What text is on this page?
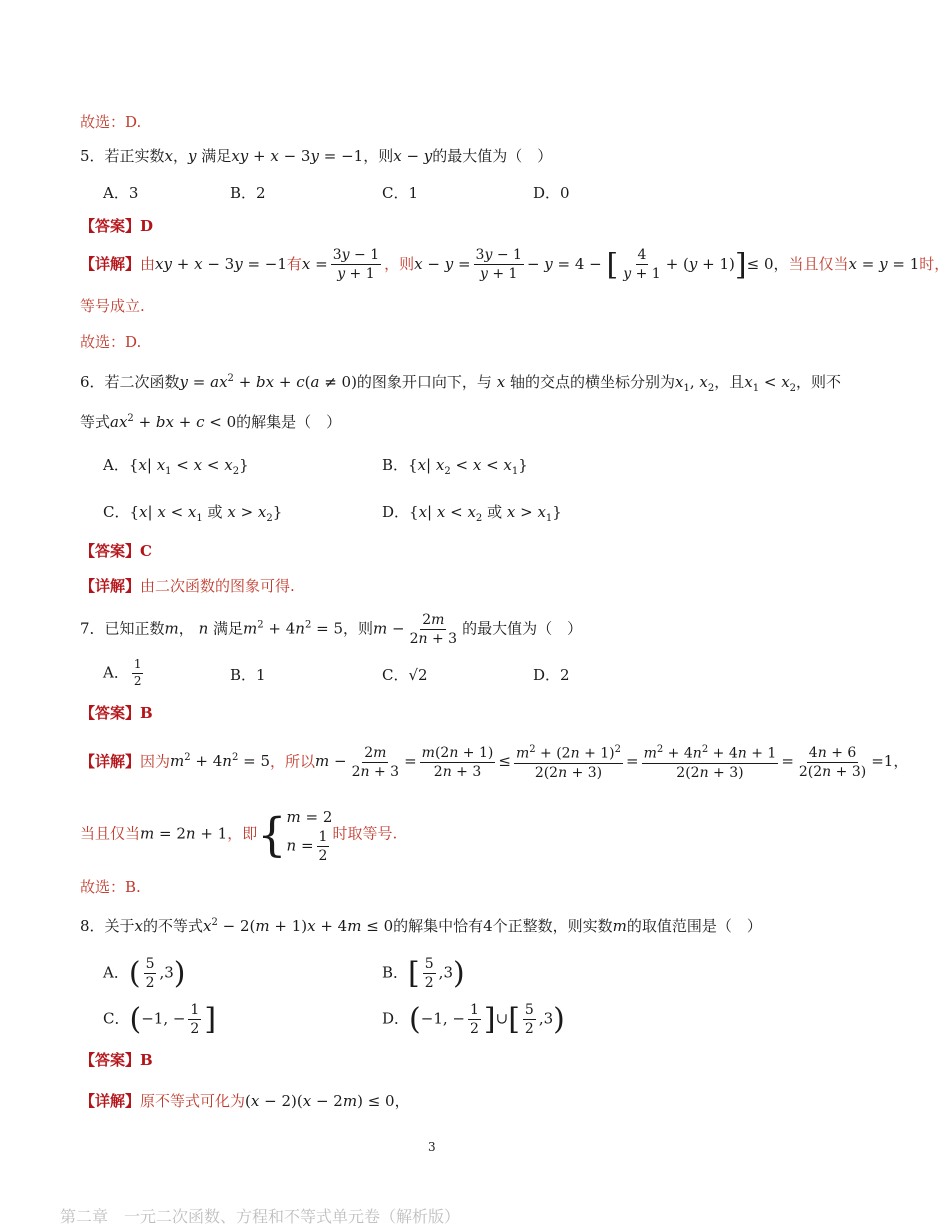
故选：D.
5．若正实数x，y 满足xy + x − 3y = −1，则x − y的最大值为（　）
A．3	B．2	C．1	D．0
【答案】D
【详解】由xy + x − 3y = −1有$x = \frac{3y - 1}{y + 1}$ ，则$x - y = \frac{3y - 1}{y + 1} - y = 4$ − [ $\frac{4}{y + 1} + (y + 1)]\le 0$，当且仅当x = y = 1时，
等号成立.
故选：D.
6．若二次函数$y = ax^2$ + bx + c(a ≠ 0)的图象开口向下，与 x 轴的交点的横坐标分别为$x_1$, $x_2$，且$x_1 < x_2$，则不
等式$ax^2$ + bx + c < 0的解集是（　）
A．{x| $x_1 < x < x_2$}	B．{x| $x_2 < x < x_1$}
C．{x| $x < x_1$ 或 $x > x_2$}	D．{x| $x < x_2$ 或 $x > x_1$}
【答案】C
【详解】由二次函数的图象可得.
7．已知正数m， n 满足$m^2 + 4n^2 = 5$，则$m - \frac{2m}{2n + 3}$ 的最大值为（　）
A． $\frac{1}{2}$	B．1	C．√2	D．2
【答案】B
【详解】因为$m^2 + 4n^2 = 5$，所以$m - \frac{2m}{2n + 3} = \frac{m(2n + 1)}{2n + 3} \le \frac{m^2 + (2n + 1)^2}{2(2n + 3)} = \frac{m^2 + 4n^2 + 4n + 1}{2(2n + 3)} = \frac{4n + 6}{2(2n + 3)} =1$，
当且仅当m = 2n + 1，即{ m = 2
$n = \frac{1}{2}$ 时取等号.
故选：B.
8．关于x的不等式$x^2 - 2(m + 1)x + 4m \le 0$的解集中恰有4个正整数，则实数m的取值范围是（　）
A．( $\frac{5}{2} ,3$)	B．[ $\frac{5}{2} ,3$)
C．(−1, − $\frac{1}{2}$ ]	D．(−1, − $\frac{1}{2}$ ]∪[ $\frac{5}{2} ,3$)
【答案】B
【详解】原不等式可化为(x − 2)(x − 2m) ≤ 0，
3
第二章　一元二次函数、方程和不等式单元卷（解析版）
